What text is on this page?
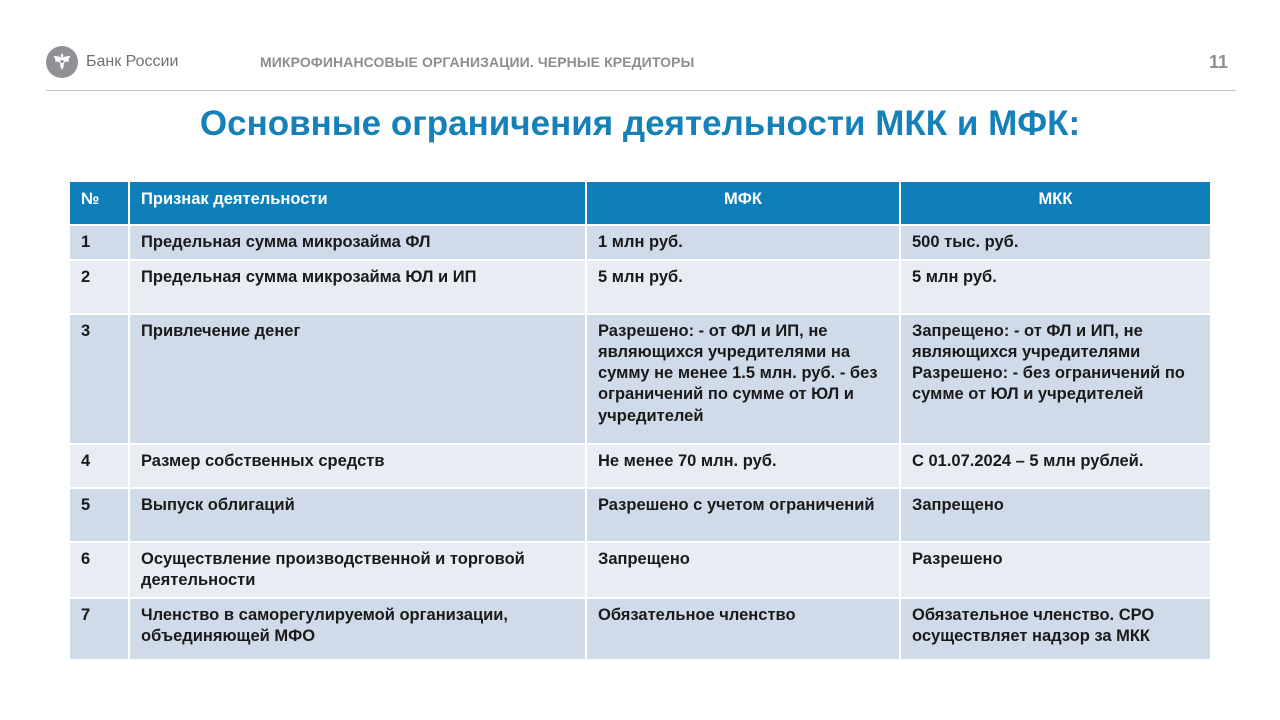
Банк России	МИКРОФИНАНСОВЫЕ ОРГАНИЗАЦИИ. ЧЕРНЫЕ КРЕДИТОРЫ	11
Основные ограничения деятельности МКК и МФК:
№	Признак деятельности	МФК	МКК
1	Предельная сумма микрозайма ФЛ	1 млн руб.	500 тыс. руб.
2	Предельная сумма микрозайма ЮЛ и ИП	5 млн руб.	5 млн руб.
3	Привлечение денег	Разрешено: - от ФЛ и ИП, не являющихся учредителями на сумму не менее 1.5 млн. руб. - без ограничений по сумме от ЮЛ и учредителей	Запрещено: - от ФЛ и ИП, не являющихся учредителями Разрешено: - без ограничений по сумме от ЮЛ и учредителей
4	Размер собственных средств	Не менее 70 млн. руб.	С 01.07.2024 – 5 млн рублей.
5	Выпуск облигаций	Разрешено с учетом ограничений	Запрещено
6	Осуществление производственной и торговой деятельности	Запрещено	Разрешено
7	Членство в саморегулируемой организации, объединяющей МФО	Обязательное членство	Обязательное членство. СРО осуществляет надзор за МКК
